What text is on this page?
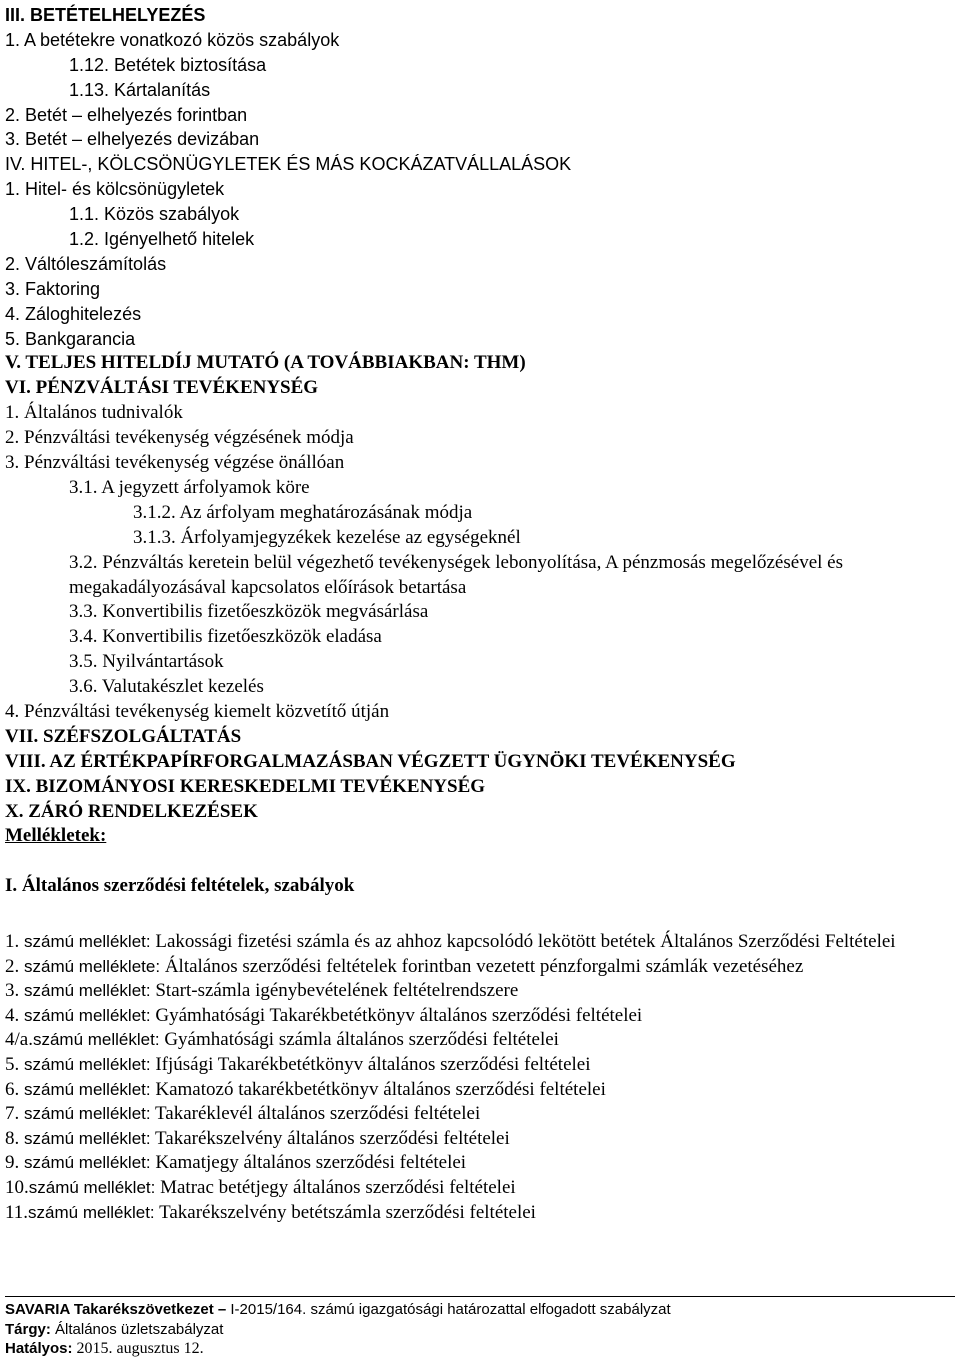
III. BETÉTELHELYEZÉS
1. A betétekre vonatkozó közös szabályok
1.12. Betétek biztosítása
1.13. Kártalanítás
2. Betét – elhelyezés forintban
3. Betét – elhelyezés devizában
IV. HITEL-, KÖLCSÖNÜGYLETEK ÉS MÁS KOCKÁZATVÁLLALÁSOK
1. Hitel- és kölcsönügyletek
1.1. Közös szabályok
1.2. Igényelhető hitelek
2. Váltóleszámítolás
3. Faktoring
4. Záloghitelezés
5. Bankgarancia
V. TELJES HITELDÍJ MUTATÓ (A TOVÁBBIAKBAN: THM)
VI. PÉNZVÁLTÁSI TEVÉKENYSÉG
1. Általános tudnivalók
2. Pénzváltási tevékenység végzésének módja
3. Pénzváltási tevékenység végzése önállóan
3.1. A jegyzett árfolyamok köre
3.1.2. Az árfolyam meghatározásának módja
3.1.3. Árfolyamjegyzékek kezelése az egységeknél
3.2. Pénzváltás keretein belül végezhető tevékenységek lebonyolítása, A pénzmosás megelőzésével és megakadályozásával kapcsolatos előírások betartása
3.3. Konvertibilis fizetőeszközök megvásárlása
3.4. Konvertibilis fizetőeszközök eladása
3.5. Nyilvántartások
3.6. Valutakészlet kezelés
4. Pénzváltási tevékenység kiemelt közvetítő útján
VII. SZÉFSZOLGÁLTATÁS
VIII. AZ ÉRTÉKPAPÍRFORGALMAZÁSBAN VÉGZETT ÜGYNÖKI TEVÉKENYSÉG
IX. BIZOMÁNYOSI KERESKEDELMI TEVÉKENYSÉG
X. ZÁRÓ RENDELKEZÉSEK
Mellékletek:
I. Általános szerződési feltételek, szabályok
1. számú melléklet: Lakossági fizetési számla és az ahhoz kapcsolódó lekötött betétek Általános Szerződési Feltételei
2. számú melléklete: Általános szerződési feltételek forintban vezetett pénzforgalmi számlák vezetéséhez
3. számú melléklet: Start-számla igénybevételének feltételrendszere
4. számú melléklet: Gyámhatósági Takarékbetétkönyv általános szerződési feltételei
4/a.számú melléklet: Gyámhatósági számla általános szerződési feltételei
5. számú melléklet: Ifjúsági Takarékbetétkönyv általános szerződési feltételei
6. számú melléklet: Kamatozó takarékbetétkönyv általános szerződési feltételei
7. számú melléklet: Takaréklevél általános szerződési feltételei
8. számú melléklet: Takarékszelvény általános szerződési feltételei
9. számú melléklet: Kamatjegy általános szerződési feltételei
10.számú melléklet: Matrac betétjegy általános szerződési feltételei
11.számú melléklet: Takarékszelvény betétszámla szerződési feltételei
SAVARIA Takarékszövetkezet – I-2015/164. számú igazgatósági határozattal elfogadott szabályzat
Tárgy: Általános üzletszabályzat
Hatályos: 2015. augusztus 12.
